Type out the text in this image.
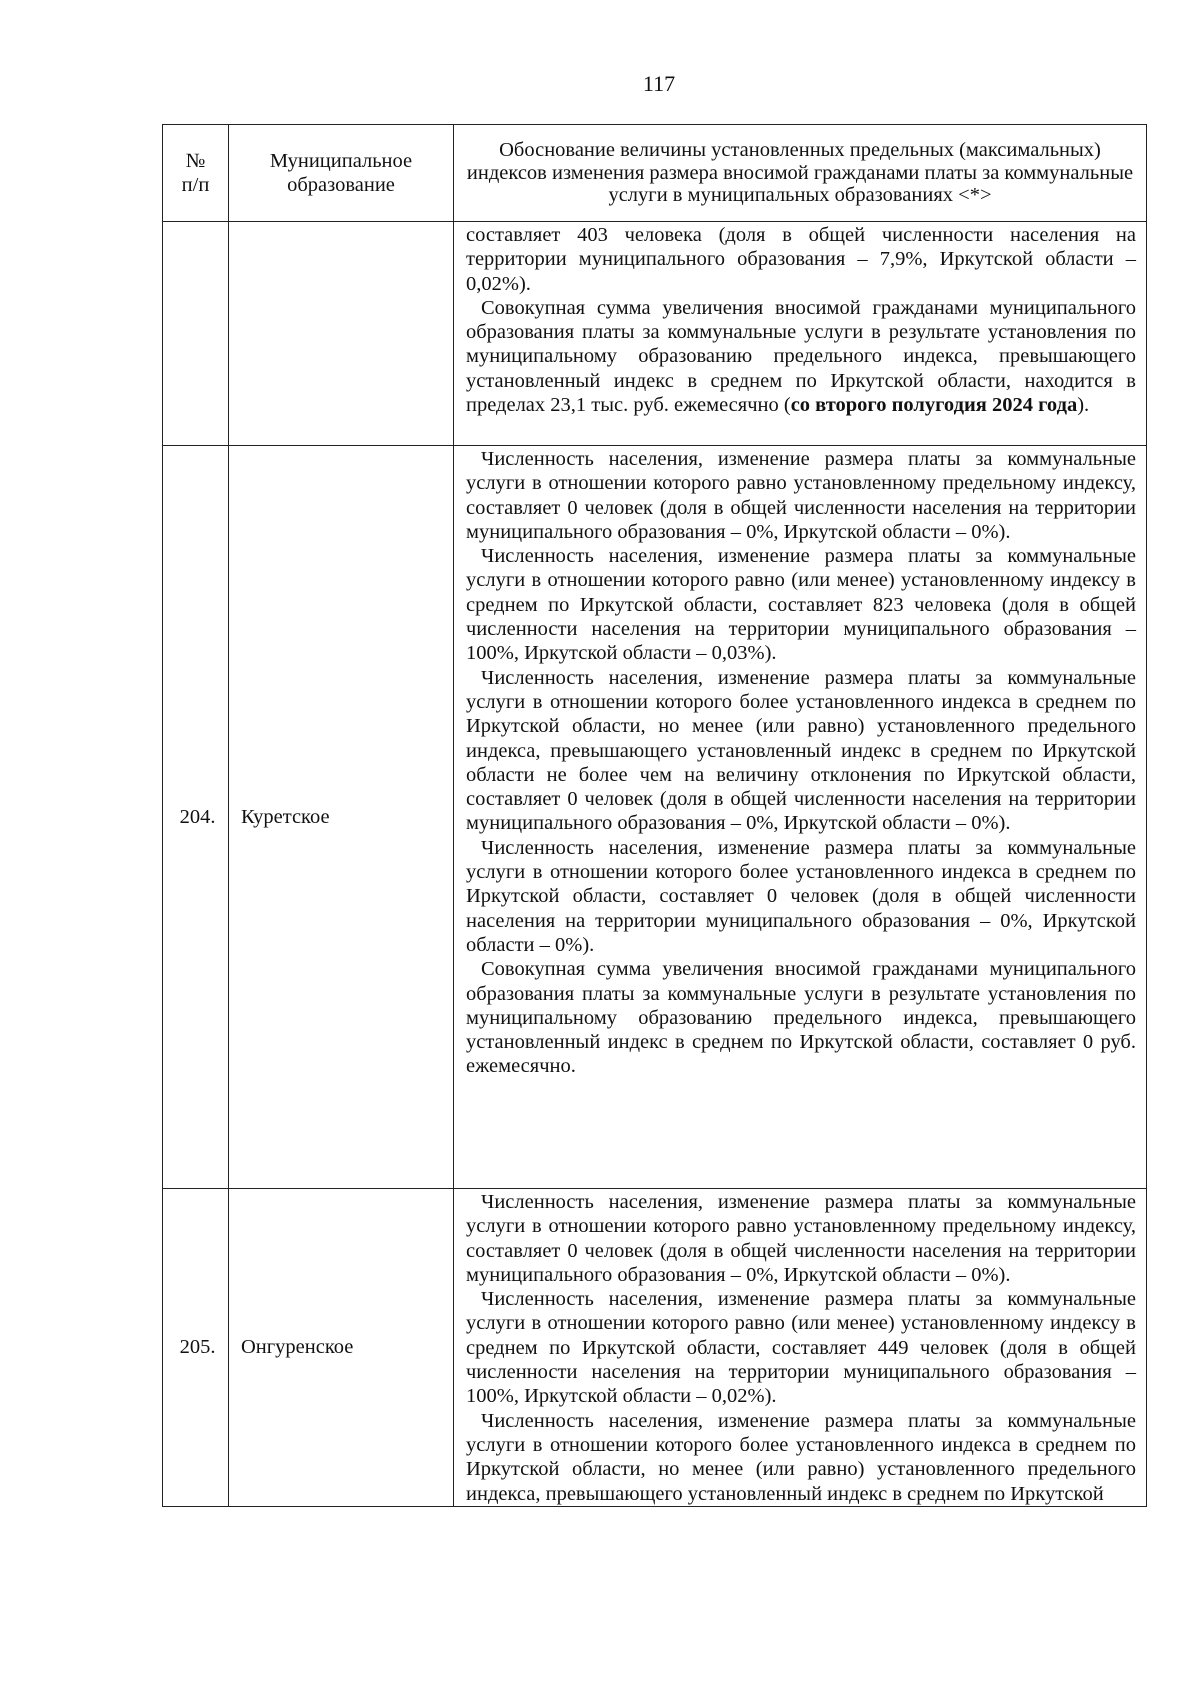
117
№
п/п	Муниципальное образование	Обоснование величины установленных предельных (максимальных) индексов изменения размера вносимой гражданами платы за коммунальные услуги в муниципальных образованиях <*>

		составляет 403 человека (доля в общей численности населения на территории муниципального образования – 7,9%, Иркутской области – 0,02%).

Совокупная сумма увеличения вносимой гражданами муниципального образования платы за коммунальные услуги в результате установления по муниципальному образованию предельного индекса, превышающего установленный индекс в среднем по Иркутской области, находится в пределах 23,1 тыс. руб. ежемесячно (со второго полугодия 2024 года).

204.	Куретское	Численность населения, изменение размера платы за коммунальные услуги в отношении которого равно установленному предельному индексу, составляет 0 человек (доля в общей численности населения на территории муниципального образования – 0%, Иркутской области – 0%).

Численность населения, изменение размера платы за коммунальные услуги в отношении которого равно (или менее) установленному индексу в среднем по Иркутской области, составляет 823 человека (доля в общей численности населения на территории муниципального образования – 100%, Иркутской области – 0,03%).

Численность населения, изменение размера платы за коммунальные услуги в отношении которого более установленного индекса в среднем по Иркутской области, но менее (или равно) установленного предельного индекса, превышающего установленный индекс в среднем по Иркутской области не более чем на величину отклонения по Иркутской области, составляет 0 человек (доля в общей численности населения на территории муниципального образования – 0%, Иркутской области – 0%).

Численность населения, изменение размера платы за коммунальные услуги в отношении которого более установленного индекса в среднем по Иркутской области, составляет 0 человек (доля в общей численности населения на территории муниципального образования – 0%, Иркутской области – 0%).

Совокупная сумма увеличения вносимой гражданами муниципального образования платы за коммунальные услуги в результате установления по муниципальному образованию предельного индекса, превышающего установленный индекс в среднем по Иркутской области, составляет 0 руб. ежемесячно.

205.	Онгуренское	Численность населения, изменение размера платы за коммунальные услуги в отношении которого равно установленному предельному индексу, составляет 0 человек (доля в общей численности населения на территории муниципального образования – 0%, Иркутской области – 0%).

Численность населения, изменение размера платы за коммунальные услуги в отношении которого равно (или менее) установленному индексу в среднем по Иркутской области, составляет 449 человек (доля в общей численности населения на территории муниципального образования – 100%, Иркутской области – 0,02%).

Численность населения, изменение размера платы за коммунальные услуги в отношении которого более установленного индекса в среднем по Иркутской области, но менее (или равно) установленного предельного индекса, превышающего установленный индекс в среднем по Иркутской
